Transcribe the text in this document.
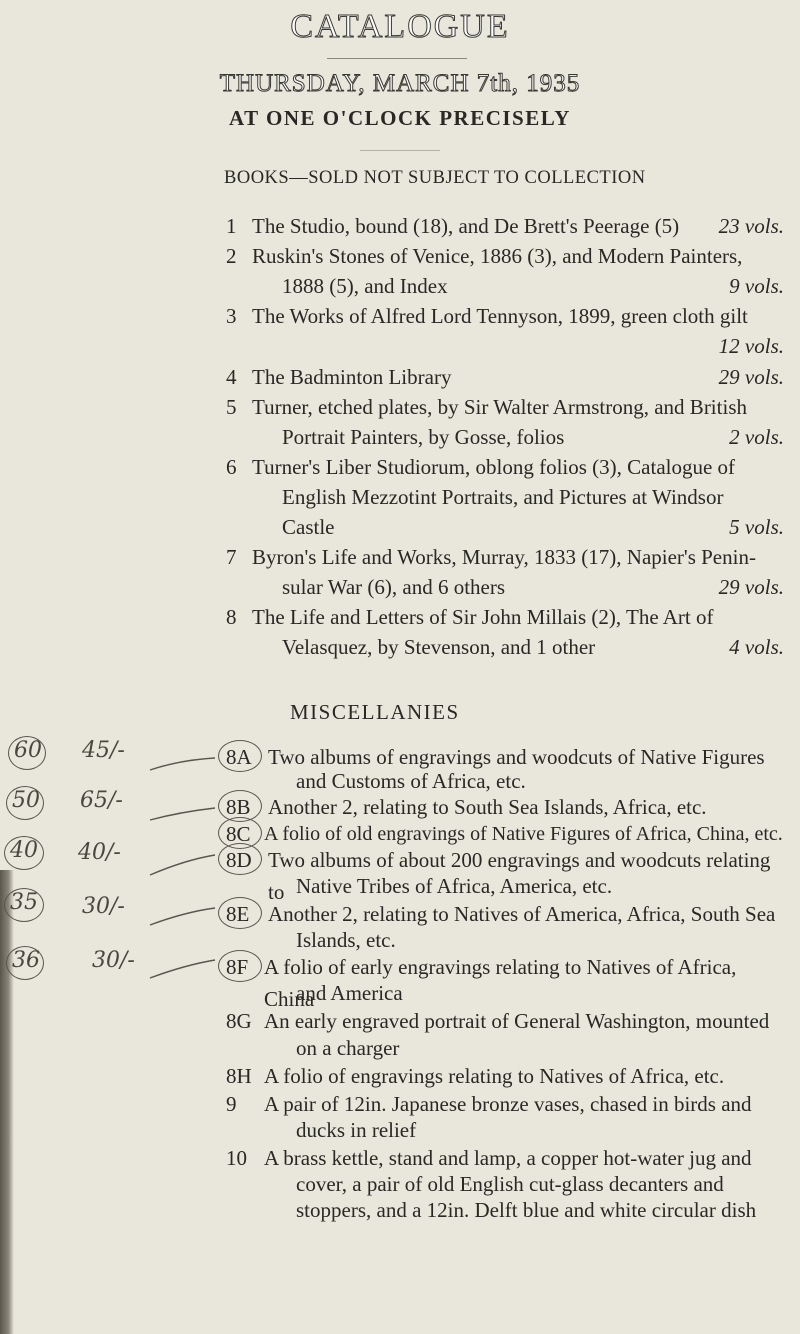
CATALOGUE
THURSDAY, MARCH 7th, 1935
AT ONE O'CLOCK PRECISELY
BOOKS—SOLD NOT SUBJECT TO COLLECTION
1 The Studio, bound (18), and De Brett's Peerage (5)	23 vols.
2 Ruskin's Stones of Venice, 1886 (3), and Modern Painters,
1888 (5), and Index	9 vols.
3 The Works of Alfred Lord Tennyson, 1899, green cloth gilt
12 vols.
4 The Badminton Library	29 vols.
5 Turner, etched plates, by Sir Walter Armstrong, and British
Portrait Painters, by Gosse, folios	2 vols.
6 Turner's Liber Studiorum, oblong folios (3), Catalogue of
English Mezzotint Portraits, and Pictures at Windsor
Castle	5 vols.
7 Byron's Life and Works, Murray, 1833 (17), Napier's Penin-
sular War (6), and 6 others	29 vols.
8 The Life and Letters of Sir John Millais (2), The Art of
Velasquez, by Stevenson, and 1 other	4 vols.
MISCELLANIES
8A Two albums of engravings and woodcuts of Native Figures
and Customs of Africa, etc.
8B Another 2, relating to South Sea Islands, Africa, etc.
8C A folio of old engravings of Native Figures of Africa, China, etc.
8D Two albums of about 200 engravings and woodcuts relating to Native Tribes of Africa, America, etc.
8E Another 2, relating to Natives of America, Africa, South Sea
Islands, etc.
8F A folio of early engravings relating to Natives of Africa, China
and America
8G An early engraved portrait of General Washington, mounted
on a charger
8H A folio of engravings relating to Natives of Africa, etc.
9	A pair of 12in. Japanese bronze vases, chased in birds and
ducks in relief
10 A brass kettle, stand and lamp, a copper hot-water jug and
cover, a pair of old English cut-glass decanters and
stoppers, and a 12in. Delft blue and white circular dish
60 45/-
50 65/-
40 40/-
35 30/-
36 30/-
